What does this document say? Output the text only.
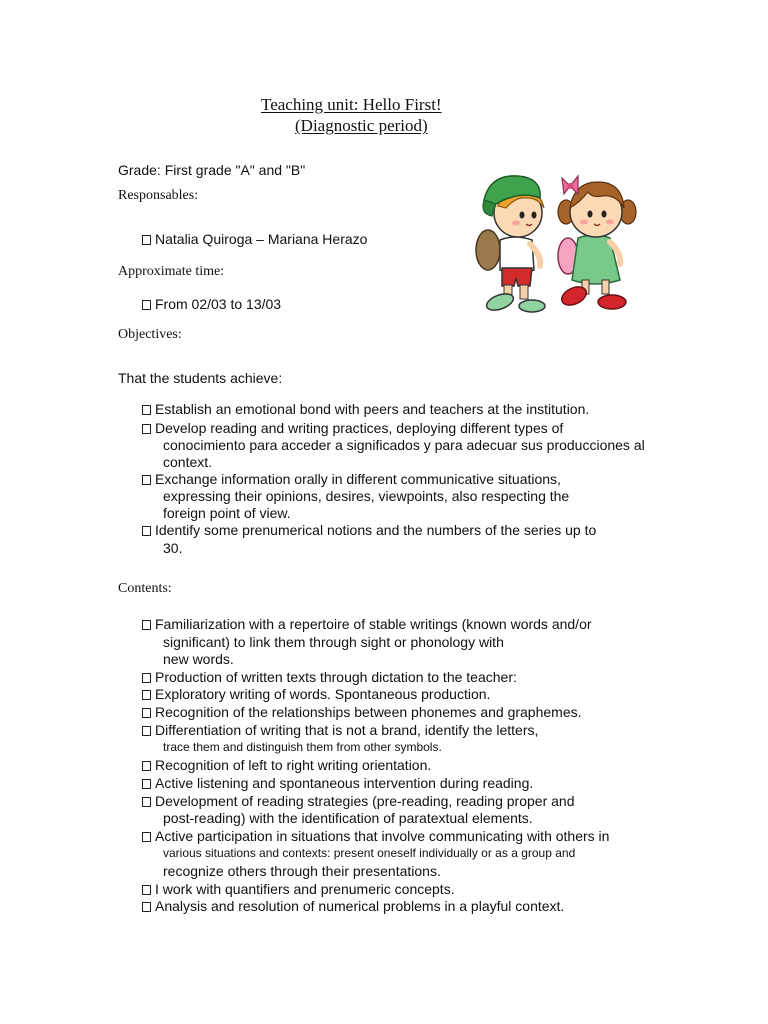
Teaching unit: Hello First!
(Diagnostic period)
Grade: First grade "A" and "B"
Responsables:
Natalia Quiroga – Mariana Herazo
Approximate time:
From 02/03 to 13/03
Objectives:
That the students achieve:
Establish an emotional bond with peers and teachers at the institution.
Develop reading and writing practices, deploying different types of
conocimiento para acceder a significados y para adecuar sus producciones al
context.
Exchange information orally in different communicative situations,
expressing their opinions, desires, viewpoints, also respecting the
foreign point of view.
Identify some prenumerical notions and the numbers of the series up to
30.
Contents:
Familiarization with a repertoire of stable writings (known words and/or
significant) to link them through sight or phonology with
new words.
Production of written texts through dictation to the teacher:
Exploratory writing of words. Spontaneous production.
Recognition of the relationships between phonemes and graphemes.
Differentiation of writing that is not a brand, identify the letters,
trace them and distinguish them from other symbols.
Recognition of left to right writing orientation.
Active listening and spontaneous intervention during reading.
Development of reading strategies (pre-reading, reading proper and
post-reading) with the identification of paratextual elements.
Active participation in situations that involve communicating with others in
various situations and contexts: present oneself individually or as a group and
recognize others through their presentations.
I work with quantifiers and prenumeric concepts.
Analysis and resolution of numerical problems in a playful context.
